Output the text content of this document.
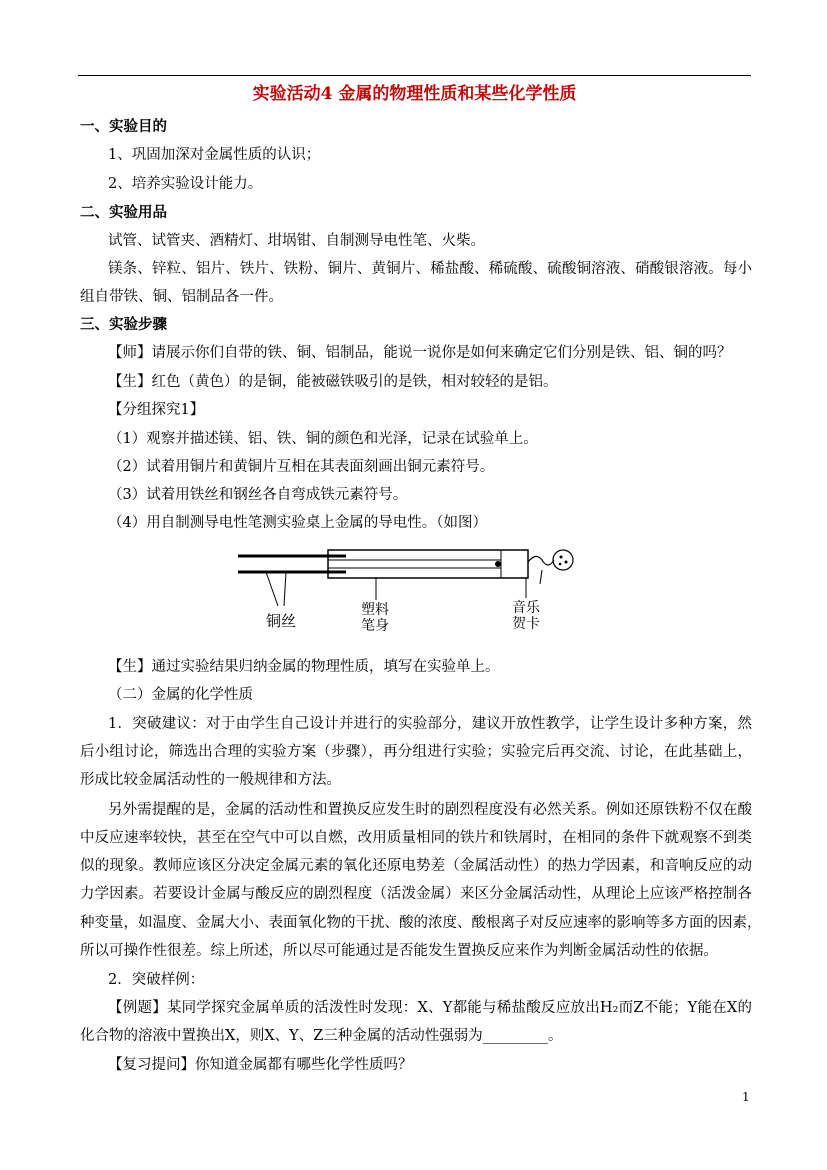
实验活动4 金属的物理性质和某些化学性质
一、实验目的
1、巩固加深对金属性质的认识；
2、培养实验设计能力。
二、实验用品
试管、试管夹、酒精灯、坩埚钳、自制测导电性笔、火柴。
镁条、锌粒、铝片、铁片、铁粉、铜片、黄铜片、稀盐酸、稀硫酸、硫酸铜溶液、硝酸银溶液。每小
组自带铁、铜、铝制品各一件。
三、实验步骤
【师】请展示你们自带的铁、铜、铝制品，能说一说你是如何来确定它们分别是铁、铝、铜的吗？
【生】红色（黄色）的是铜，能被磁铁吸引的是铁，相对较轻的是铝。
【分组探究1】
（1）观察并描述镁、铝、铁、铜的颜色和光泽，记录在试验单上。
（2）试着用铜片和黄铜片互相在其表面刻画出铜元素符号。
（3）试着用铁丝和钢丝各自弯成铁元素符号。
（4）用自制测导电性笔测实验桌上金属的导电性。（如图）
铜丝
塑料
笔身
音乐
贺卡
【生】通过实验结果归纳金属的物理性质，填写在实验单上。
（二）金属的化学性质
1．突破建议：对于由学生自己设计并进行的实验部分，建议开放性教学，让学生设计多种方案，然
后小组讨论，筛选出合理的实验方案（步骤），再分组进行实验；实验完后再交流、讨论，在此基础上，
形成比较金属活动性的一般规律和方法。
另外需提醒的是，金属的活动性和置换反应发生时的剧烈程度没有必然关系。例如还原铁粉不仅在酸
中反应速率较快，甚至在空气中可以自燃，改用质量相同的铁片和铁屑时，在相同的条件下就观察不到类
似的现象。教师应该区分决定金属元素的氧化还原电势差（金属活动性）的热力学因素，和音响反应的动
力学因素。若要设计金属与酸反应的剧烈程度（活泼金属）来区分金属活动性，从理论上应该严格控制各
种变量，如温度、金属大小、表面氧化物的干扰、酸的浓度、酸根离子对反应速率的影响等多方面的因素，
所以可操作性很差。综上所述，所以尽可能通过是否能发生置换反应来作为判断金属活动性的依据。
2．突破样例：
【例题】某同学探究金属单质的活泼性时发现：X、Y都能与稀盐酸反应放出H₂而Z不能；Y能在X的
化合物的溶液中置换出X，则X、Y、Z三种金属的活动性强弱为_________。
【复习提问】你知道金属都有哪些化学性质吗？
1
